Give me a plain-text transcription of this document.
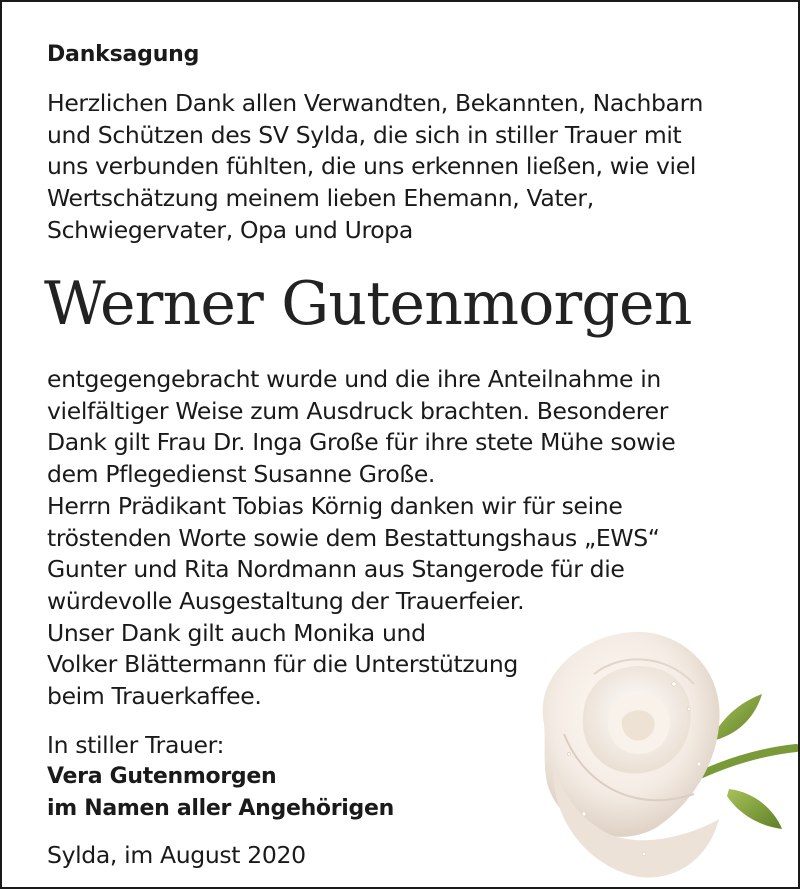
Danksagung
Herzlichen Dank allen Verwandten, Bekannten, Nachbarn
und Schützen des SV Sylda, die sich in stiller Trauer mit
uns verbunden fühlten, die uns erkennen ließen, wie viel
Wertschätzung meinem lieben Ehemann, Vater,
Schwiegervater, Opa und Uropa
Werner Gutenmorgen
entgegengebracht wurde und die ihre Anteilnahme in
vielfältiger Weise zum Ausdruck brachten. Besonderer
Dank gilt Frau Dr. Inga Große für ihre stete Mühe sowie
dem Pflegedienst Susanne Große.
Herrn Prädikant Tobias Körnig danken wir für seine
tröstenden Worte sowie dem Bestattungshaus „EWS“
Gunter und Rita Nordmann aus Stangerode für die
würdevolle Ausgestaltung der Trauerfeier.
Unser Dank gilt auch Monika und
Volker Blättermann für die Unterstützung
beim Trauerkaffee.
In stiller Trauer:
Vera Gutenmorgen
im Namen aller Angehörigen
Sylda, im August 2020
